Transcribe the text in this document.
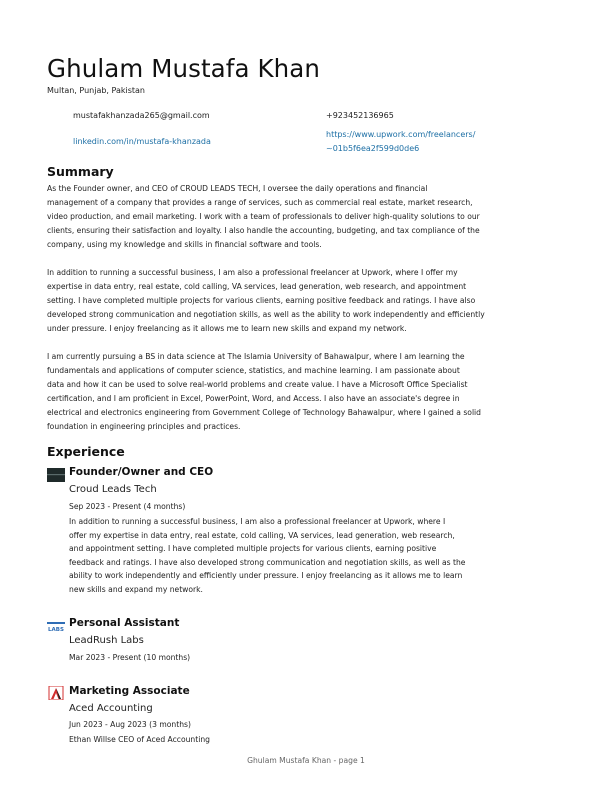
Ghulam Mustafa Khan
Multan, Punjab, Pakistan
mustafakhanzada265@gmail.com	+923452136965
linkedin.com/in/mustafa-khanzada
https://www.upwork.com/freelancers/
~01b5f6ea2f599d0de6
Summary

As the Founder owner, and CEO of CROUD LEADS TECH, I oversee the daily operations and financial
management of a company that provides a range of services, such as commercial real estate, market research,
video production, and email marketing. I work with a team of professionals to deliver high-quality solutions to our
clients, ensuring their satisfaction and loyalty. I also handle the accounting, budgeting, and tax compliance of the
company, using my knowledge and skills in financial software and tools.

In addition to running a successful business, I am also a professional freelancer at Upwork, where I offer my
expertise in data entry, real estate, cold calling, VA services, lead generation, web research, and appointment
setting. I have completed multiple projects for various clients, earning positive feedback and ratings. I have also
developed strong communication and negotiation skills, as well as the ability to work independently and efficiently
under pressure. I enjoy freelancing as it allows me to learn new skills and expand my network.

I am currently pursuing a BS in data science at The Islamia University of Bahawalpur, where I am learning the
fundamentals and applications of computer science, statistics, and machine learning. I am passionate about
data and how it can be used to solve real-world problems and create value. I have a Microsoft Office Specialist
certification, and I am proficient in Excel, PowerPoint, Word, and Access. I also have an associate's degree in
electrical and electronics engineering from Government College of Technology Bahawalpur, where I gained a solid
foundation in engineering principles and practices.

Experience
Founder/Owner and CEO
Croud Leads Tech
Sep 2023 - Present (4 months)

In addition to running a successful business, I am also a professional freelancer at Upwork, where I
offer my expertise in data entry, real estate, cold calling, VA services, lead generation, web research,
and appointment setting. I have completed multiple projects for various clients, earning positive
feedback and ratings. I have also developed strong communication and negotiation skills, as well as the
ability to work independently and efficiently under pressure. I enjoy freelancing as it allows me to learn
new skills and expand my network.

LABS
Personal Assistant
LeadRush Labs
Mar 2023 - Present (10 months)
Marketing Associate
Aced Accounting
Jun 2023 - Aug 2023 (3 months)
Ethan Willse CEO of Aced Accounting
Ghulam Mustafa Khan - page 1
